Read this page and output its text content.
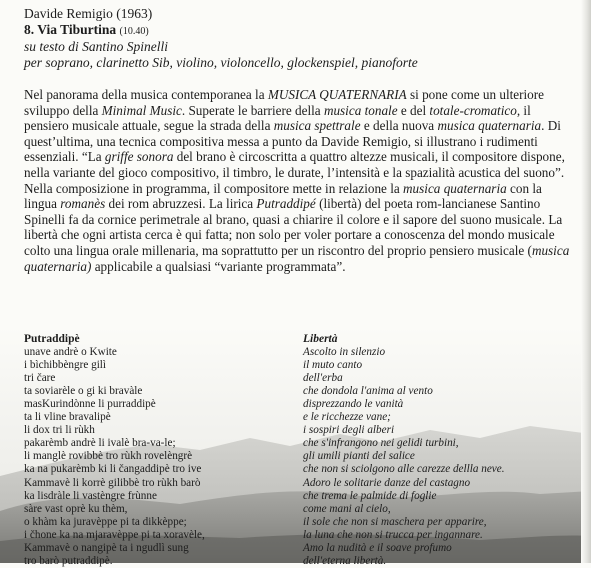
Davide Remigio (1963)
8. Via Tiburtina (10.40)
su testo di Santino Spinelli
per soprano, clarinetto Sib, violino, violoncello, glockenspiel, pianoforte

Nel panorama della musica contemporanea la MUSICA QUATERNARIA si pone come un ulteriore sviluppo della Minimal Music. Superate le barriere della musica tonale e del totale-cromatico, il pensiero musicale attuale, segue la strada della musica spettrale e della nuova musica quaternaria. Di quest’ultima, una tecnica compositiva messa a punto da Davide Remigio, si illustrano i rudimenti essenziali. “La griffe sonora del brano è circoscritta a quattro altezze musicali, il compositore dispone, nella variante del gioco compositivo, il timbro, le durate, l’intensità e la spazialità acustica del suono”. Nella composizione in programma, il compositore mette in relazione la musica quaternaria con la lingua romanès dei rom abruzzesi. La lirica Putraddipé (libertà) del poeta rom-lancianese Santino Spinelli fa da cornice perimetrale al brano, quasi a chiarire il colore e il sapore del suono musicale. La libertà che ogni artista cerca è qui fatta; non solo per voler portare a conoscenza del mondo musicale colto una lingua orale millenaria, ma soprattutto per un riscontro del proprio pensiero musicale (musica quaternaria) applicabile a qualsiasi “variante programmata”.

Putraddipè
unave andrè o Kwite
i bìchibbèngre gilì
tri čare
ta soviarèle o gi ki bravàle
masKurindònne li purraddipè
ta li vline bravalipè
li dox tri li rùkh
pakarèmb andrè li ivalè bra-va-le;
li manglè rovibbè tro rùkh rovelèngrè
ka na pukarèmb ki li čangaddipè tro ive
Kammavè li korrè gilibbè tro rùkh barò
ka lisdràle li vastèngre frùnne
sàre vast oprè ku thèm,
o khàm ka juravèppe pi ta dikkèppe;
i čhone ka na mjaravèppe pi ta xoravèle,
Kammavè o nangipè ta i ngudlì sung
tro barò putraddipè.
Libertà
Ascolto in silenzio
il muto canto
dell'erba
che dondola l'anima al vento
disprezzando le vanità
e le ricchezze vane;
i sospiri degli alberi
che s'infrangono nei gelidi turbini,
gli umili pianti del salice
che non si sciolgono alle carezze dellla neve.
Adoro le solitarie danze del castagno
che trema le palmide di foglie
come mani al cielo,
il sole che non si maschera per apparire,
la luna che non si trucca per ingannare.
Amo la nudità e il soave profumo
dell'eterna libertà.
